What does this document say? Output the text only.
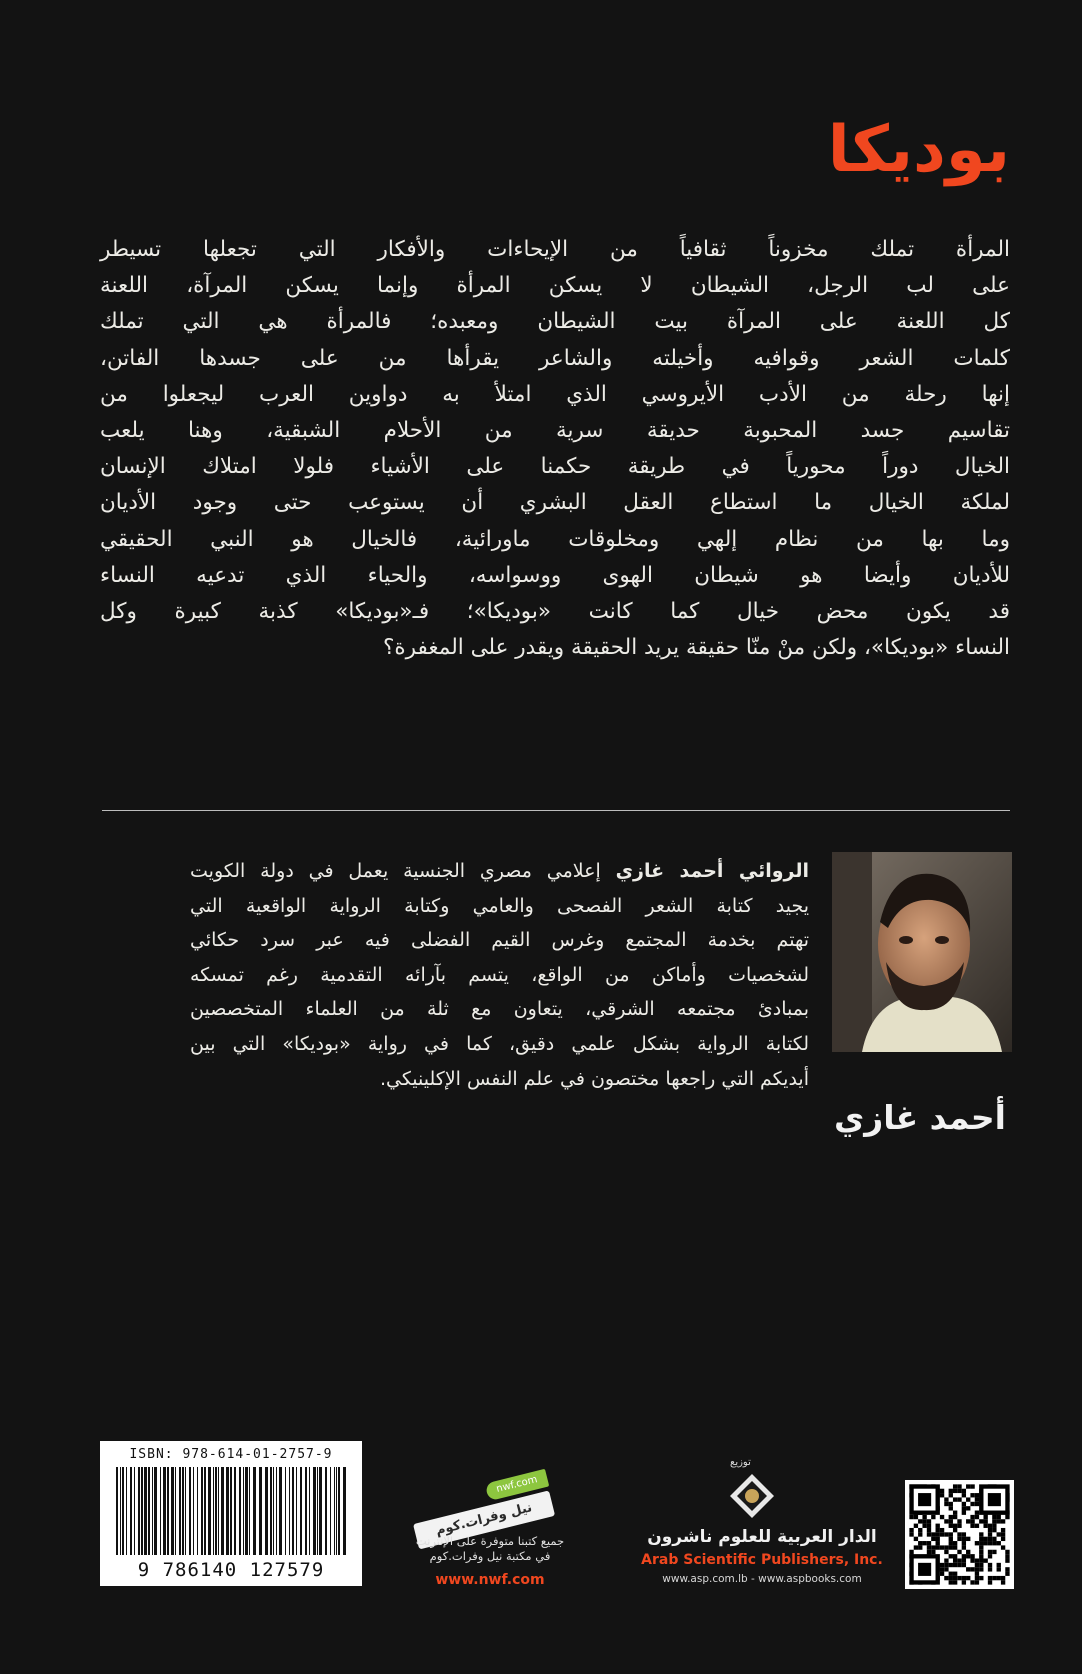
بوديكا

المرأة تملك مخزوناً ثقافياً من الإيحاءات والأفكار التي تجعلها تسيطر

على لب الرجل، الشيطان لا يسكن المرأة وإنما يسكن المرآة، اللعنة

كل اللعنة على المرآة بيت الشيطان ومعبده؛ فالمرأة هي التي تملك

كلمات الشعر وقوافيه وأخيلته والشاعر يقرأها من على جسدها الفاتن،

إنها رحلة من الأدب الأيروسي الذي امتلأ به دواوين العرب ليجعلوا من

تقاسيم جسد المحبوبة حديقة سرية من الأحلام الشبقية، وهنا يلعب

الخيال دوراً محورياً في طريقة حكمنا على الأشياء فلولا امتلاك الإنسان

لملكة الخيال ما استطاع العقل البشري أن يستوعب حتى وجود الأديان

وما بها من نظام إلهي ومخلوقات ماورائية، فالخيال هو النبي الحقيقي

للأديان وأيضا هو شيطان الهوى ووسواسه، والحياء الذي تدعيه النساء

قد يكون محض خيال كما كانت «بوديكا»؛ فـ«بوديكا» كذبة كبيرة وكل

النساء «بوديكا»، ولكن منْ منّا حقيقة يريد الحقيقة ويقدر على المغفرة؟

أحمد غازي

الروائي أحمد غازي إعلامي مصري الجنسية يعمل في دولة الكويت

يجيد كتابة الشعر الفصحى والعامي وكتابة الرواية الواقعية التي

تهتم بخدمة المجتمع وغرس القيم الفضلى فيه عبر سرد حكائي

لشخصيات وأماكن من الواقع، يتسم بآرائه التقدمية رغم تمسكه

بمبادئ مجتمعه الشرقي، يتعاون مع ثلة من العلماء المتخصصين

لكتابة الرواية بشكل علمي دقيق، كما في رواية «بوديكا» التي بين

أيديكم التي راجعها مختصون في علم النفس الإكلينيكي.

ISBN: 978-614-01-2757-9
9 786140 127579
nwf.com
نيل وفرات.كوم
جميع كتبنا متوفرة على الإنترنت
في مكتبة نيل وفرات.كوم
www.nwf.com
توزيع
الدار العربية للعلوم ناشرون
Arab Scientific Publishers, Inc.
www.asp.com.lb - www.aspbooks.com
